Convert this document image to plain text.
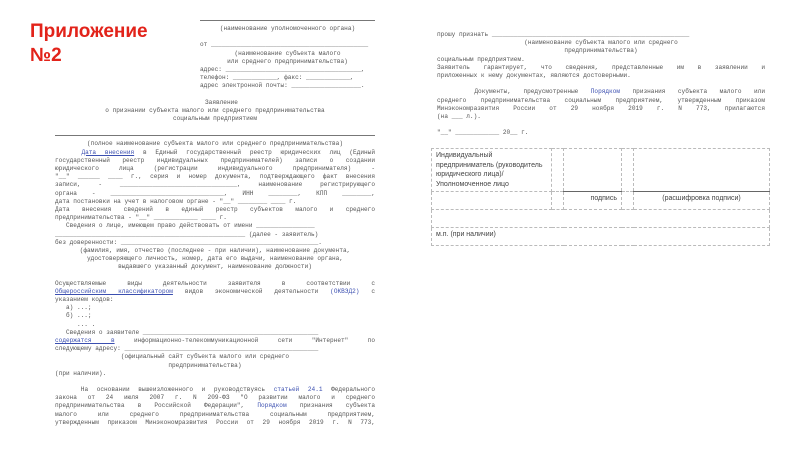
Приложение
№2
(наименование уполномоченного органа)
от ___________________________________________
(наименование субъекта малого
или среднего предпринимательства)
адрес: _____________________________________,
телефон: ____________, факс: ____________,
адрес электронной почты: ___________________.
Заявление
о признании субъекта малого или среднего предпринимательства
социальным предприятием
(полное наименование субъекта малого или среднего предпринимательства)
Дата внесения в Единый государственный реестр юридических лиц (Единый
государственный реестр индивидуальных предпринимателей) записи о создании
юридического лица (регистрации индивидуального предпринимателя) -
"__" ______ ____ г., серия и номер документа, подтверждающего факт внесения
записи, - ________________________________, наименование регистрирующего
органа - _______________________________, ИНН ________, КПП ________,
дата постановки на учет в налоговом органе - "__" ________ ____ г.
Дата внесения сведений в единый реестр субъектов малого и среднего
предпринимательства - "__" ____________ ____ г.
Сведения о лице, имеющем право действовать от имени ________________
____________________________________________________ (далее - заявитель)
без доверенности: ______________________________________________________.
(фамилия, имя, отчество (последнее - при наличии), наименование документа,
удостоверяющего личность, номер, дата его выдачи, наименование органа,
выдавшего указанный документ, наименование должности)
Осуществляемые виды деятельности заявителя в соответствии с
Общероссийским классификатором видов экономической деятельности (ОКВЭД2) с
указанием кодов:
а) ...;
б) ...;
... .
Сведения о заявителе ________________________________________________
содержатся в информационно-телекоммуникационной сети "Интернет" по
следующему адресу: _____________________________________________________
(официальный сайт субъекта малого или среднего
предпринимательства)
(при наличии).
На основании вышеизложенного и руководствуясь статьей 24.1 Федерального
закона от 24 июля 2007 г. N 209-ФЗ "О развитии малого и среднего
предпринимательства в Российской Федерации", Порядком признания субъекта
малого или среднего предпринимательства социальным предприятием,
утвержденным приказом Минэкономразвития России от 29 ноября 2019 г. N 773,
прошу признать ______________________________________________________
(наименование субъекта малого или среднего
предпринимательства)
социальным предприятием.
Заявитель гарантирует, что сведения, представленные им в заявлении и
приложенных к нему документах, являются достоверными.
Документы, предусмотренные Порядком признания субъекта малого или
среднего предпринимательства социальным предприятием, утвержденным приказом
Минэкономразвития России от 29 ноября 2019 г. N 773, прилагаются
(на ___ л.).
"__" ____________ 20__ г.
Индивидуальный предприниматель (руководитель юридического лица)/Уполномоченное лицо				
		подпись		(расшифровка подписи)

м.п. (при наличии)				
